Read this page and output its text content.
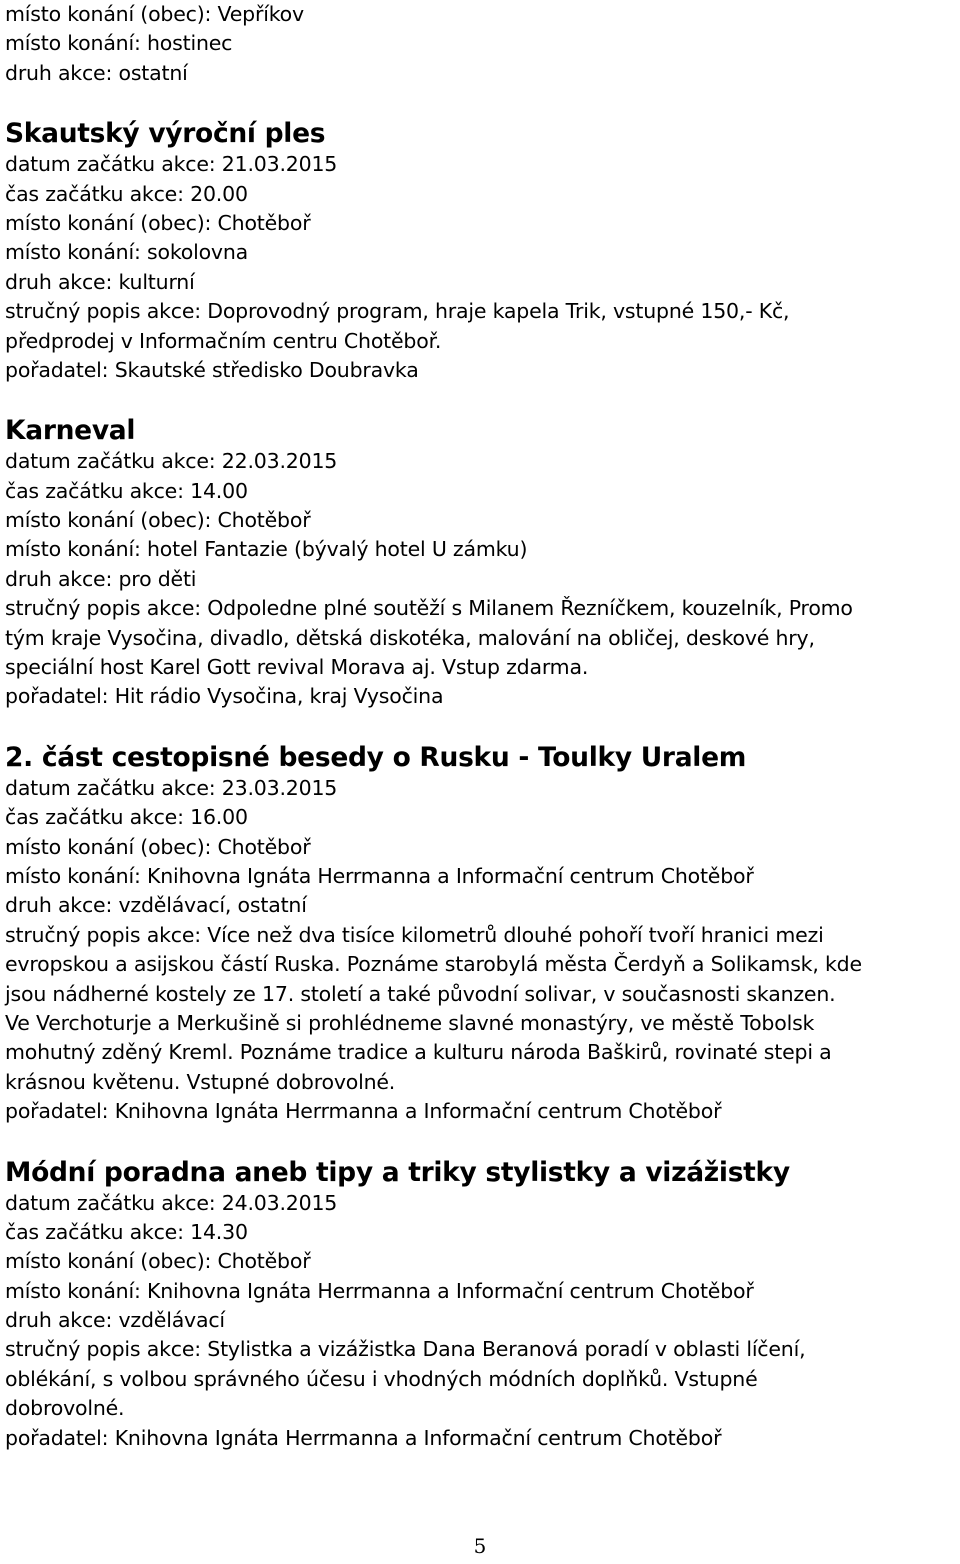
místo konání (obec): Vepříkov
místo konání: hostinec
druh akce: ostatní
Skautský výroční ples
datum začátku akce: 21.03.2015
čas začátku akce: 20.00
místo konání (obec): Chotěboř
místo konání: sokolovna
druh akce: kulturní
stručný popis akce: Doprovodný program, hraje kapela Trik, vstupné 150,- Kč,
předprodej v Informačním centru Chotěboř.
pořadatel: Skautské středisko Doubravka
Karneval
datum začátku akce: 22.03.2015
čas začátku akce: 14.00
místo konání (obec): Chotěboř
místo konání: hotel Fantazie (bývalý hotel U zámku)
druh akce: pro děti
stručný popis akce: Odpoledne plné soutěží s Milanem Řezníčkem, kouzelník, Promo
tým kraje Vysočina, divadlo, dětská diskotéka, malování na obličej, deskové hry,
speciální host Karel Gott revival Morava aj. Vstup zdarma.
pořadatel: Hit rádio Vysočina, kraj Vysočina
2. část cestopisné besedy o Rusku - Toulky Uralem
datum začátku akce: 23.03.2015
čas začátku akce: 16.00
místo konání (obec): Chotěboř
místo konání: Knihovna Ignáta Herrmanna a Informační centrum Chotěboř
druh akce: vzdělávací, ostatní
stručný popis akce: Více než dva tisíce kilometrů dlouhé pohoří tvoří hranici mezi
evropskou a asijskou částí Ruska. Poznáme starobylá města Čerdyň a Solikamsk, kde
jsou nádherné kostely ze 17. století a také původní solivar, v současnosti skanzen.
Ve Verchoturje a Merkušině si prohlédneme slavné monastýry, ve městě Tobolsk
mohutný zděný Kreml. Poznáme tradice a kulturu národa Baškirů, rovinaté stepi a
krásnou květenu. Vstupné dobrovolné.
pořadatel: Knihovna Ignáta Herrmanna a Informační centrum Chotěboř
Módní poradna aneb tipy a triky stylistky a vizážistky
datum začátku akce: 24.03.2015
čas začátku akce: 14.30
místo konání (obec): Chotěboř
místo konání: Knihovna Ignáta Herrmanna a Informační centrum Chotěboř
druh akce: vzdělávací
stručný popis akce: Stylistka a vizážistka Dana Beranová poradí v oblasti líčení,
oblékání, s volbou správného účesu i vhodných módních doplňků. Vstupné
dobrovolné.
pořadatel: Knihovna Ignáta Herrmanna a Informační centrum Chotěboř
5
